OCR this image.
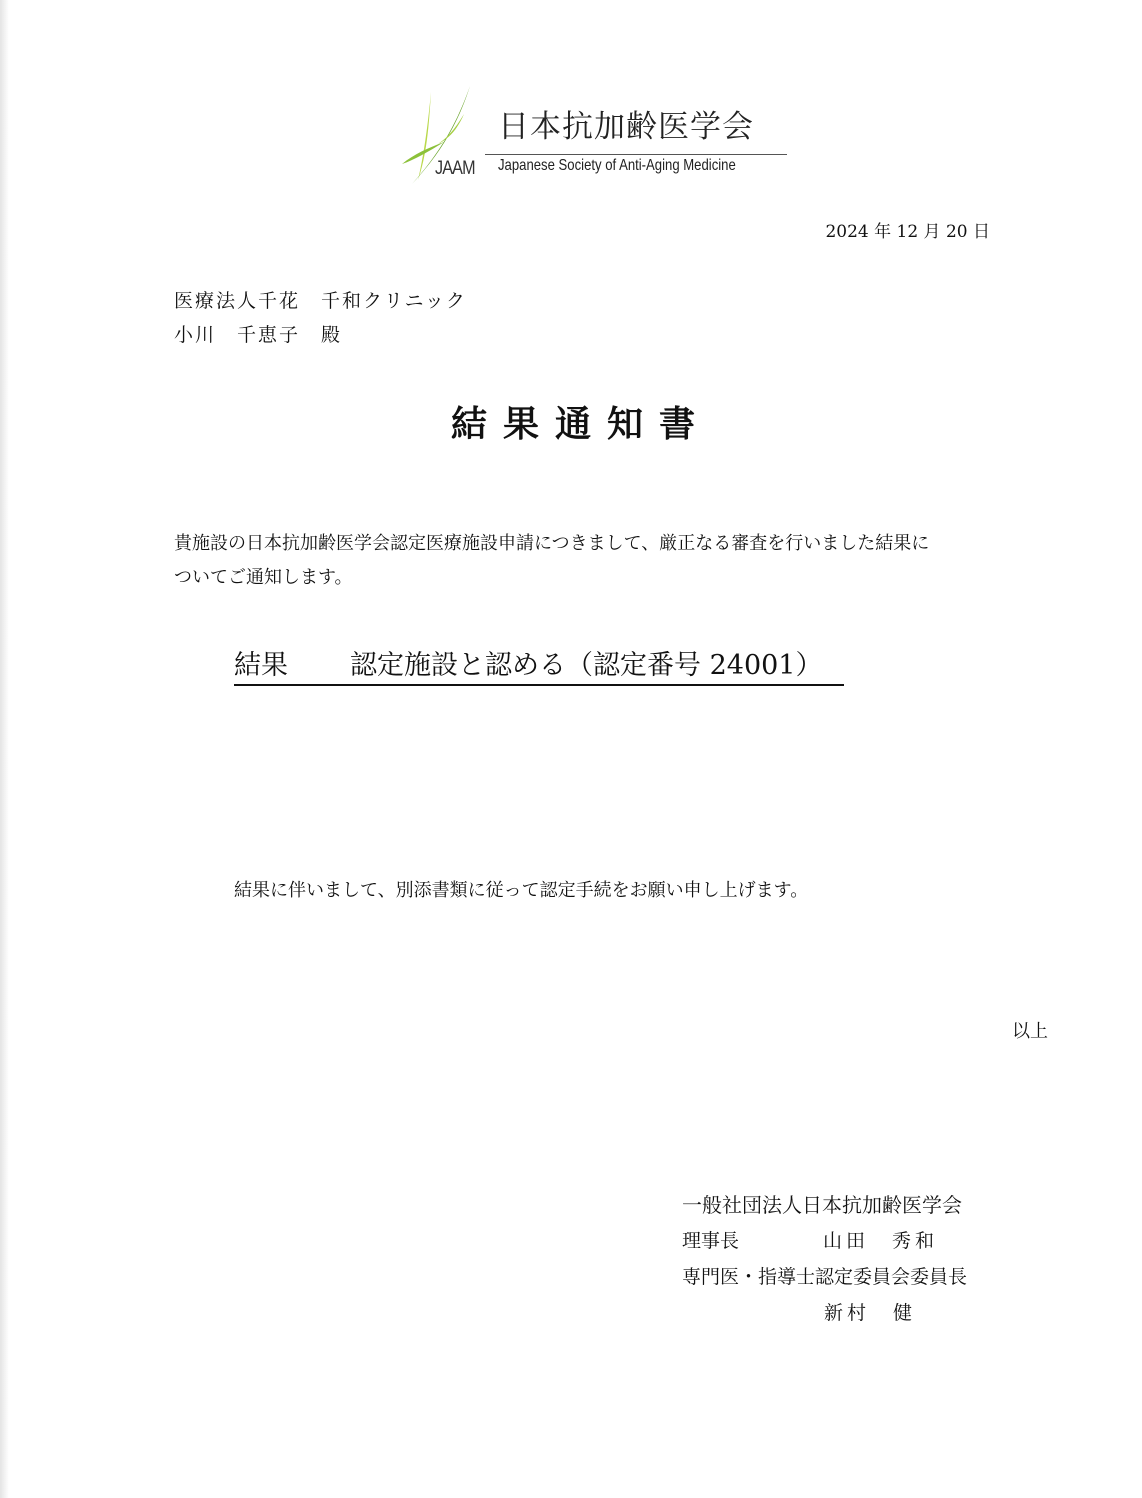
JAAM
日本抗加齢医学会
Japanese Society of Anti-Aging Medicine
2024 年 12 月 20 日
医療法人千花　千和クリニック
小川　千恵子　殿
結果通知書
貴施設の日本抗加齢医学会認定医療施設申請につきまして、厳正なる審査を行いました結果に
ついてご通知します。
結果 認定施設と認める（認定番号 24001）
結果に伴いまして、別添書類に従って認定手続をお願い申し上げます。
以上
一般社団法人日本抗加齢医学会
理事長	山田　秀和
専門医・指導士認定委員会委員長
新村　健
